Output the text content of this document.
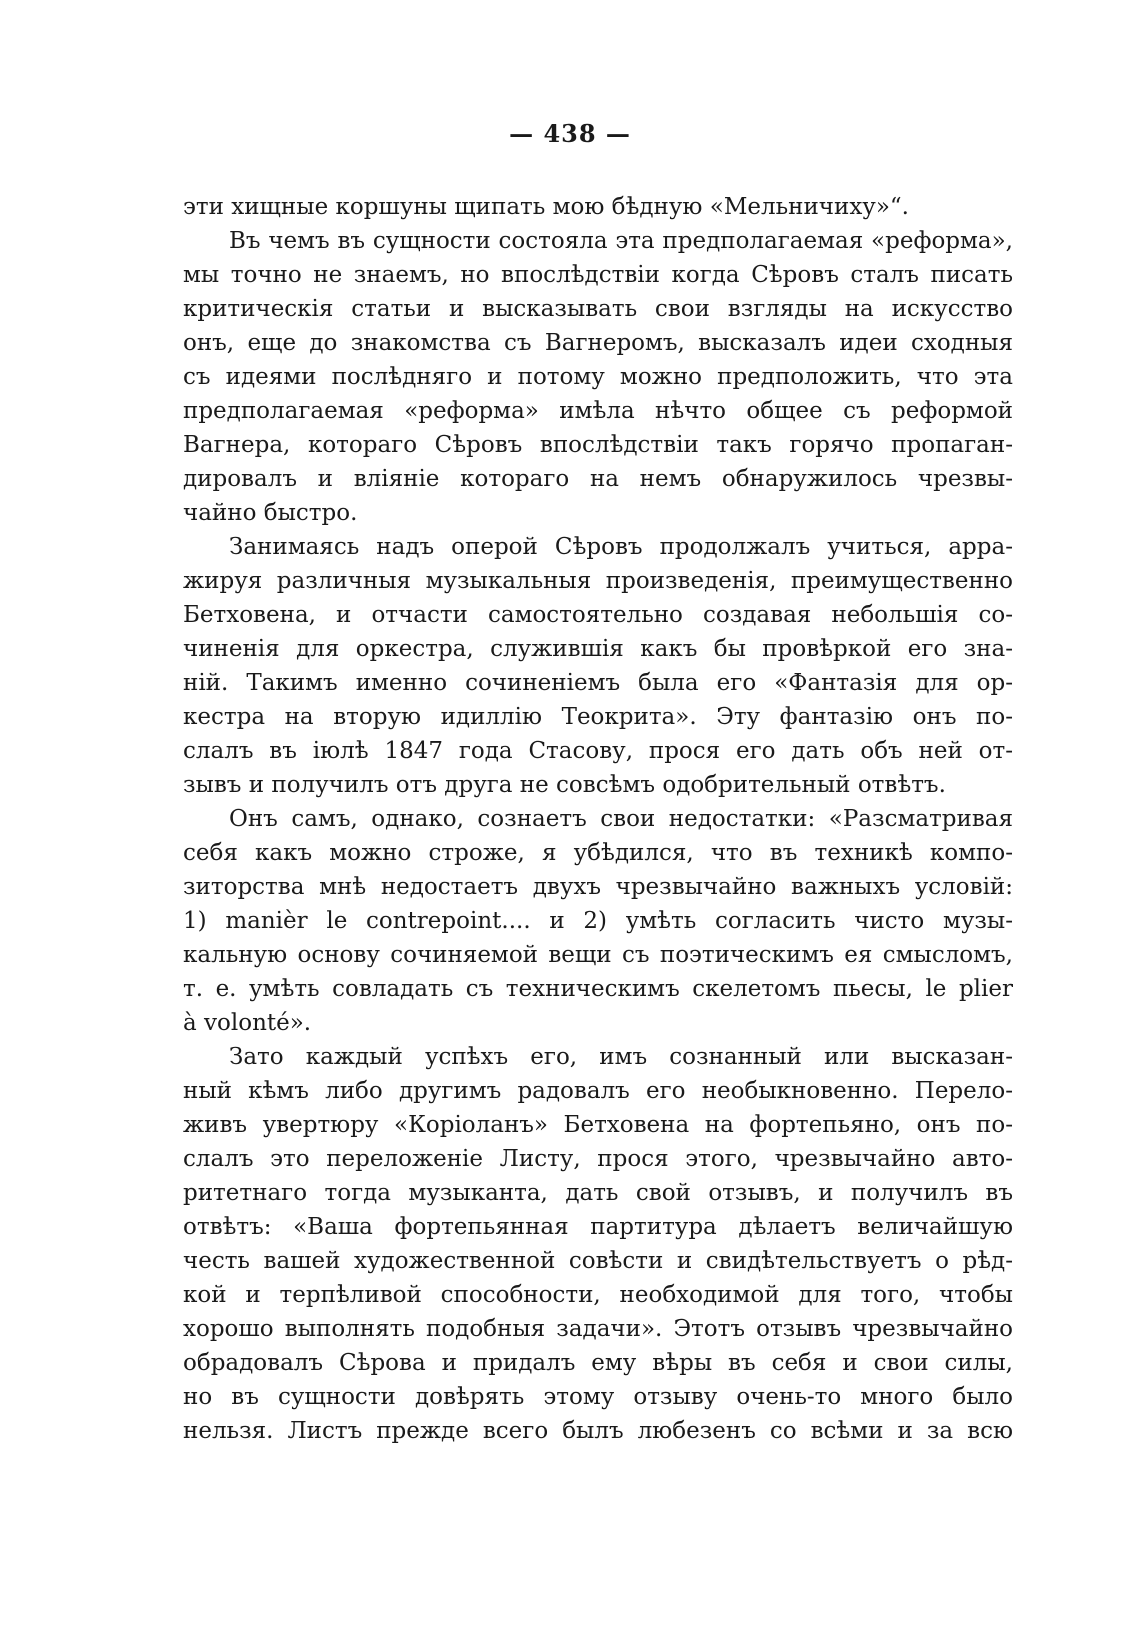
— 438 —
эти хищные коршуны щипать мою бѣдную «Мельничиху»“.
Въ чемъ въ сущности состояла эта предполагаемая «реформа»,
мы точно не знаемъ, но впослѣдствіи когда Сѣровъ сталъ писать
критическія статьи и высказывать свои взгляды на искусство
онъ, еще до знакомства съ Вагнеромъ, высказалъ идеи сходныя
съ идеями послѣдняго и потому можно предположить, что эта
предполагаемая «реформа» имѣла нѣчто общее съ реформой
Вагнера, котораго Сѣровъ впослѣдствіи такъ горячо пропаган-
дировалъ и вліяніе котораго на немъ обнаружилось чрезвы-
чайно быстро.
Занимаясь надъ оперой Сѣровъ продолжалъ учиться, арра-
жируя различныя музыкальныя произведенія, преимущественно
Бетховена, и отчасти самостоятельно создавая небольшія со-
чиненія для оркестра, служившія какъ бы провѣркой его зна-
ній. Такимъ именно сочиненіемъ была его «Фантазія для ор-
кестра на вторую идиллію Теокрита». Эту фантазію онъ по-
слалъ въ іюлѣ 1847 года Стасову, прося его дать объ ней от-
зывъ и получилъ отъ друга не совсѣмъ одобрительный отвѣтъ.
Онъ самъ, однако, сознаетъ свои недостатки: «Разсматривая
себя какъ можно строже, я убѣдился, что въ техникѣ компо-
зиторства мнѣ недостаетъ двухъ чрезвычайно важныхъ условій:
1) manièr le contrepoint.... и 2) умѣть согласить чисто музы-
кальную основу сочиняемой вещи съ поэтическимъ ея смысломъ,
т. е. умѣть совладать съ техническимъ скелетомъ пьесы, le plier
à volonté».
Зато каждый успѣхъ его, имъ сознанный или высказан-
ный кѣмъ либо другимъ радовалъ его необыкновенно. Перело-
живъ увертюру «Коріоланъ» Бетховена на фортепьяно, онъ по-
слалъ это переложеніе Листу, прося этого, чрезвычайно авто-
ритетнаго тогда музыканта, дать свой отзывъ, и получилъ въ
отвѣтъ: «Ваша фортепьянная партитура дѣлаетъ величайшую
честь вашей художественной совѣсти и свидѣтельствуетъ о рѣд-
кой и терпѣливой способности, необходимой для того, чтобы
хорошо выполнять подобныя задачи». Этотъ отзывъ чрезвычайно
обрадовалъ Сѣрова и придалъ ему вѣры въ себя и свои силы,
но въ сущности довѣрять этому отзыву очень-то много было
нельзя. Листъ прежде всего былъ любезенъ со всѣми и за всю
